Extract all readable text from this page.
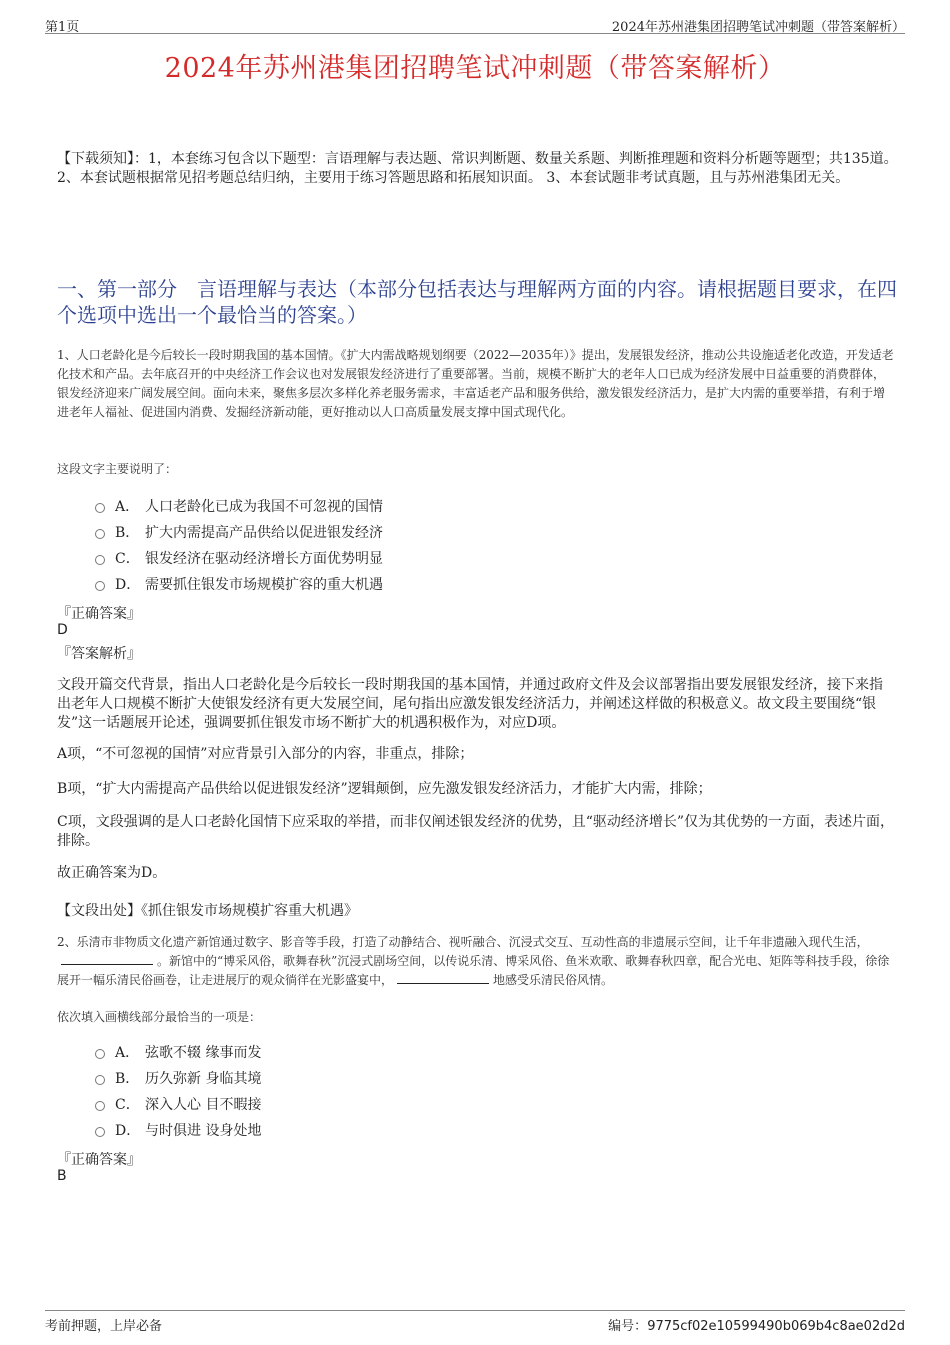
第1页	2024年苏州港集团招聘笔试冲刺题（带答案解析）
2024年苏州港集团招聘笔试冲刺题（带答案解析）
【下载须知】：1，本套练习包含以下题型：言语理解与表达题、常识判断题、数量关系题、判断推理题和资料分析题等题型；共135道。 2、本套试题根据常见招考题总结归纳，主要用于练习答题思路和拓展知识面。 3、本套试题非考试真题，且与苏州港集团无关。
一、第一部分　言语理解与表达（本部分包括表达与理解两方面的内容。请根据题目要求，在四个选项中选出一个最恰当的答案。）
1、人口老龄化是今后较长一段时期我国的基本国情。《扩大内需战略规划纲要（2022—2035年）》提出，发展银发经济，推动公共设施适老化改造，开发适老化技术和产品。去年底召开的中央经济工作会议也对发展银发经济进行了重要部署。当前，规模不断扩大的老年人口已成为经济发展中日益重要的消费群体，银发经济迎来广阔发展空间。面向未来，聚焦多层次多样化养老服务需求，丰富适老产品和服务供给，激发银发经济活力，是扩大内需的重要举措，有利于增进老年人福祉、促进国内消费、发掘经济新动能，更好推动以人口高质量发展支撑中国式现代化。
这段文字主要说明了：
A． 人口老龄化已成为我国不可忽视的国情
B． 扩大内需提高产品供给以促进银发经济
C． 银发经济在驱动经济增长方面优势明显
D． 需要抓住银发市场规模扩容的重大机遇
『正确答案』
D
『答案解析』
文段开篇交代背景，指出人口老龄化是今后较长一段时期我国的基本国情，并通过政府文件及会议部署指出要发展银发经济，接下来指出老年人口规模不断扩大使银发经济有更大发展空间，尾句指出应激发银发经济活力，并阐述这样做的积极意义。故文段主要围绕“银发”这一话题展开论述，强调要抓住银发市场不断扩大的机遇积极作为，对应D项。
A项，“不可忽视的国情”对应背景引入部分的内容，非重点，排除；
B项，“扩大内需提高产品供给以促进银发经济”逻辑颠倒，应先激发银发经济活力，才能扩大内需，排除；
C项，文段强调的是人口老龄化国情下应采取的举措，而非仅阐述银发经济的优势，且“驱动经济增长”仅为其优势的一方面，表述片面，排除。
故正确答案为D。
【文段出处】《抓住银发市场规模扩容重大机遇》
2、乐清市非物质文化遗产新馆通过数字、影音等手段，打造了动静结合、视听融合、沉浸式交互、互动性高的非遗展示空间，让千年非遗融入现代生活，。新馆中的“博采风俗，歌舞春秋”沉浸式剧场空间，以传说乐清、博采风俗、鱼米欢歌、歌舞春秋四章，配合光电、矩阵等科技手段，徐徐展开一幅乐清民俗画卷，让走进展厅的观众徜徉在光影盛宴中，	地感受乐清民俗风情。
依次填入画横线部分最恰当的一项是：
A． 弦歌不辍 缘事而发
B． 历久弥新 身临其境
C． 深入人心 目不暇接
D． 与时俱进 设身处地
『正确答案』
B
考前押题，上岸必备	编号：9775cf02e10599490b069b4c8ae02d2d
